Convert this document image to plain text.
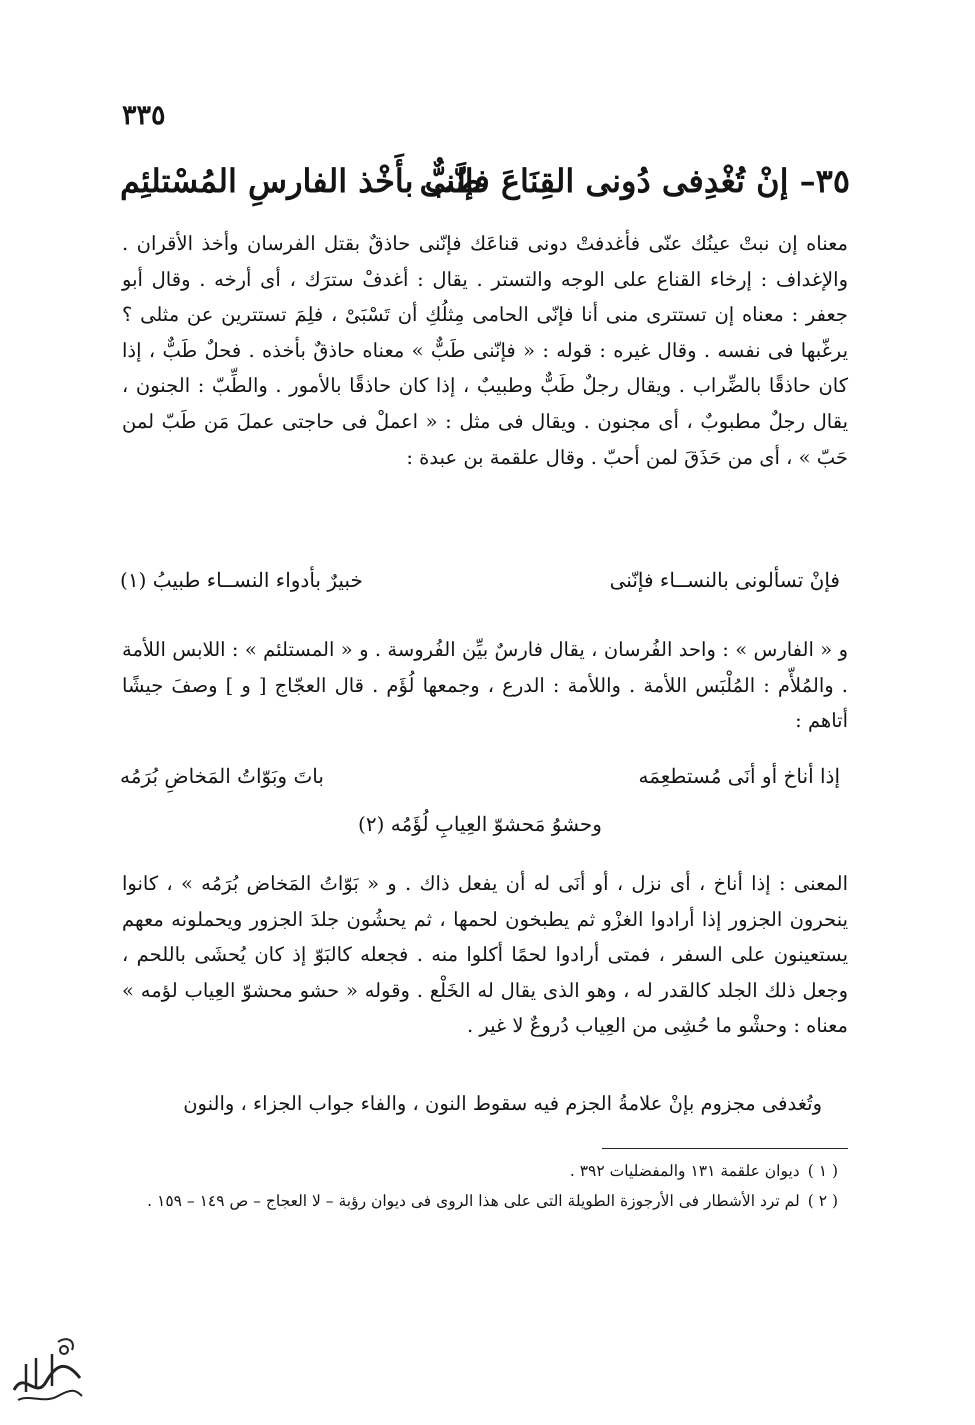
٣٣٥
٣٥– إنْ تُغْدِفى دُونى القِنَاعَ فإنّنى
طَبٌّ بأَخْذ الفارسِ المُسْتلئِم
معناه إن نبتْ عينُك عنّى فأغدفتْ دونى قناعَك فإنّنى حاذقٌ بقتل الفرسان وأخذ الأقران . والإغداف : إرخاء القناع على الوجه والتستر . يقال : أغدفْ سترَك ، أى أرخه . وقال أبو جعفر : معناه إن تستترى منى أنا فإنّى الحامى مِثلُكِ أن تَسْبَىْ ، فلِمَ تستترين عن مثلى ؟ يرغّبها فى نفسه . وقال غيره : قوله : « فإنّنى طَبٌّ » معناه حاذقٌ بأخذه . فحلٌ طَبٌّ ، إذا كان حاذقًا بالضِّراب . ويقال رجلٌ طَبٌّ وطبيبٌ ، إذا كان حاذقًا بالأمور . والطِّبّ : الجنون ، يقال رجلٌ مطبوبٌ ، أى مجنون . ويقال فى مثل : « اعملْ فى حاجتى عملَ مَن طَبّ لمن حَبّ » ، أى من حَذَقَ لمن أحبّ . وقال علقمة بن عبدة :
فإنْ تسألونى بالنســاء فإنّنى
خبيرٌ بأدواء النســاء طبيبُ (١)
و « الفارس » : واحد الفُرسان ، يقال فارسٌ بيِّن الفُروسة . و « المستلئم » : اللابس اللأمة . والمُلأّم : المُلْبَس اللأمة . واللأمة : الدرع ، وجمعها لُؤَم . قال العجّاج [ و ] وصفَ جيشًا أتاهم :
إذا أناخ أو أنَى مُستطعِمَه
باتَ وبَوّاتُ المَخاضِ بُرَمُه
وحشوُ مَحشوّ العِيابِ لُؤَمُه (٢)
المعنى : إذا أناخ ، أى نزل ، أو أنَى له أن يفعل ذاك . و « بَوّاتُ المَخاض بُرَمُه » ، كانوا ينحرون الجزور إذا أرادوا الغزْو ثم يطبخون لحمها ، ثم يحشُون جلدَ الجزور ويحملونه معهم يستعينون على السفر ، فمتى أرادوا لحمًا أكلوا منه . فجعله كالبَوّ إذ كان يُحشَى باللحم ، وجعل ذلك الجلد كالقدر له ، وهو الذى يقال له الخَلْع . وقوله « حشو محشوّ العِياب لؤمه » معناه : وحشْو ما حُشِى من العِياب دُروعٌ لا غير .
وتُغدفى مجزوم بإنْ علامةُ الجزم فيه سقوط النون ، والفاء جواب الجزاء ، والنون
( ١ )ديوان علقمة ١٣١ والمفضليات ٣٩٢ .
( ٢ )لم ترد الأشطار فى الأرجوزة الطويلة التى على هذا الروى فى ديوان رؤبة – لا العجاج – ص ١٤٩ – ١٥٩ .
